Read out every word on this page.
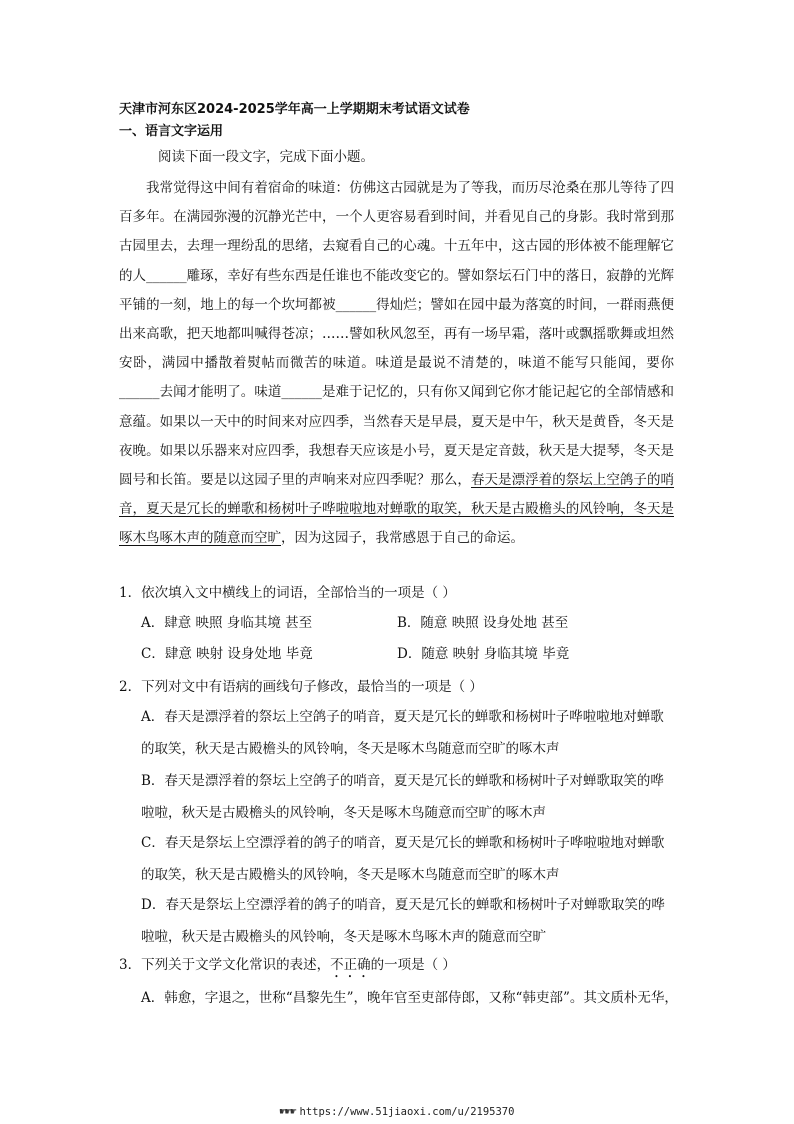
天津市河东区2024-2025学年高一上学期期末考试语文试卷
一、语言文字运用
阅读下面一段文字，完成下面小题。

我常觉得这中间有着宿命的味道：仿佛这古园就是为了等我，而历尽沧桑在那儿等待了四百多年。在满园弥漫的沉静光芒中，一个人更容易看到时间，并看见自己的身影。我时常到那古园里去，去理一理纷乱的思绪，去窥看自己的心魂。十五年中，这古园的形体被不能理解它的人______雕琢，幸好有些东西是任谁也不能改变它的。譬如祭坛石门中的落日，寂静的光辉平铺的一刻，地上的每一个坎坷都被______得灿烂；譬如在园中最为落寞的时间，一群雨燕便出来高歌，把天地都叫喊得苍凉；……譬如秋风忽至，再有一场早霜，落叶或飘摇歌舞或坦然安卧，满园中播散着熨帖而微苦的味道。味道是最说不清楚的，味道不能写只能闻，要你______去闻才能明了。味道______是难于记忆的，只有你又闻到它你才能记起它的全部情感和意蕴。如果以一天中的时间来对应四季，当然春天是早晨，夏天是中午，秋天是黄昏，冬天是夜晚。如果以乐器来对应四季，我想春天应该是小号，夏天是定音鼓，秋天是大提琴，冬天是圆号和长笛。要是以这园子里的声响来对应四季呢？那么，春天是漂浮着的祭坛上空鸽子的哨音，夏天是冗长的蝉歌和杨树叶子哗啦啦地对蝉歌的取笑，秋天是古殿檐头的风铃响，冬天是啄木鸟啄木声的随意而空旷，因为这园子，我常感恩于自己的命运。

1．依次填入文中横线上的词语，全部恰当的一项是（ ）
A．肆意 映照 身临其境 甚至	B．随意 映照 设身处地 甚至
C．肆意 映射 设身处地 毕竟	D．随意 映射 身临其境 毕竟
2．下列对文中有语病的画线句子修改，最恰当的一项是（ ）

A．春天是漂浮着的祭坛上空鸽子的哨音，夏天是冗长的蝉歌和杨树叶子哗啦啦地对蝉歌的取笑，秋天是古殿檐头的风铃响，冬天是啄木鸟随意而空旷的啄木声

B．春天是漂浮着的祭坛上空鸽子的哨音，夏天是冗长的蝉歌和杨树叶子对蝉歌取笑的哗啦啦，秋天是古殿檐头的风铃响，冬天是啄木鸟随意而空旷的啄木声

C．春天是祭坛上空漂浮着的鸽子的哨音，夏天是冗长的蝉歌和杨树叶子哗啦啦地对蝉歌的取笑，秋天是古殿檐头的风铃响，冬天是啄木鸟随意而空旷的啄木声

D．春天是祭坛上空漂浮着的鸽子的哨音，夏天是冗长的蝉歌和杨树叶子对蝉歌取笑的哗啦啦，秋天是古殿檐头的风铃响，冬天是啄木鸟啄木声的随意而空旷

3．下列关于文学文化常识的表述，不正确的一项是（ ）
A．韩愈，字退之，世称“昌黎先生”，晚年官至吏部侍郎，又称“韩吏部”。其文质朴无华，
☛☛☛ https://www.51jiaoxi.com/u/2195370
